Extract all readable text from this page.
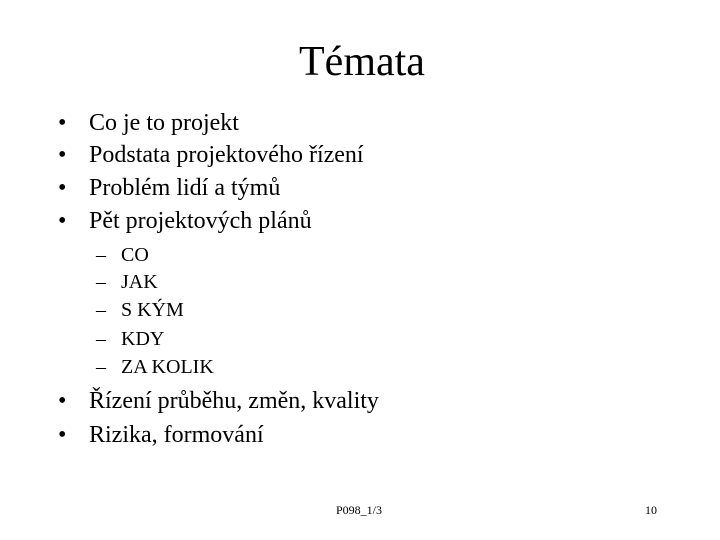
Témata
• Co je to projekt
• Podstata projektového řízení
• Problém lidí a týmů
• Pět projektových plánů
– CO
– JAK
– S KÝM
– KDY
– ZA KOLIK
• Řízení průběhu, změn, kvality
• Rizika, formování
P098_1/3	10
